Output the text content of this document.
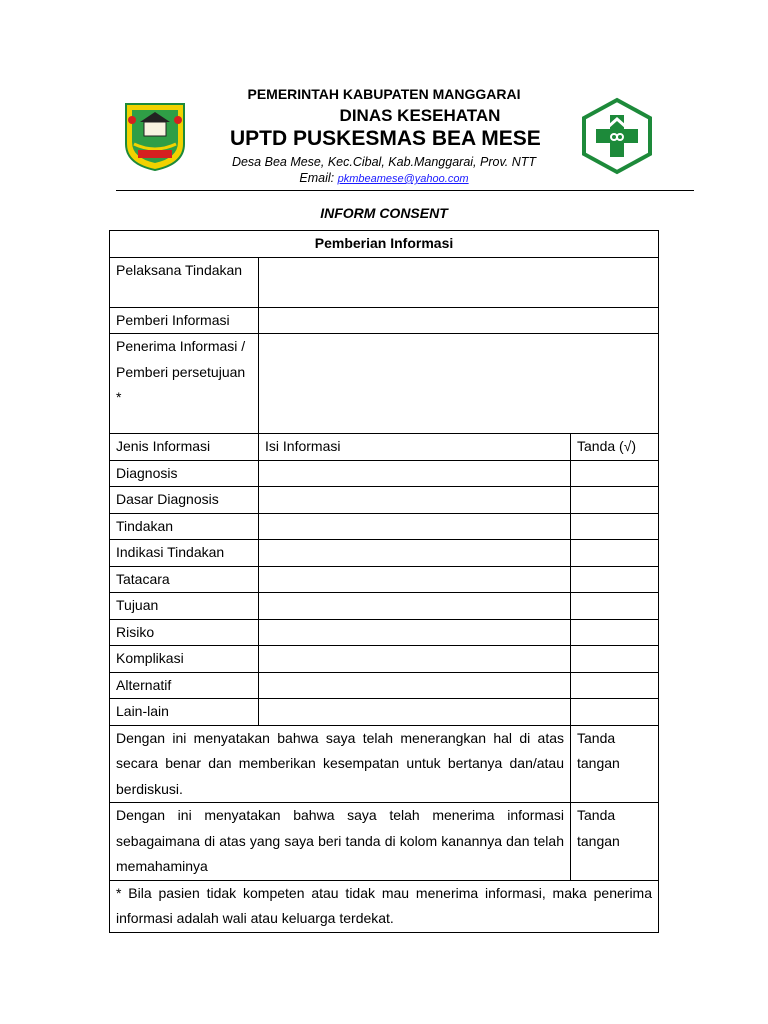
PEMERINTAH KABUPATEN MANGGARAI
DINAS KESEHATAN
UPTD PUSKESMAS BEA MESE
Desa Bea Mese, Kec.Cibal, Kab.Manggarai, Prov. NTT
Email: pkmbeamese@yahoo.com
INFORM CONSENT
Pemberian Informasi		
Pelaksana Tindakan		
Pemberi Informasi		
Penerima Informasi / Pemberi persetujuan *		
Jenis Informasi	Isi Informasi	Tanda (√)
Diagnosis		
Dasar Diagnosis		
Tindakan		
Indikasi Tindakan		
Tatacara		
Tujuan		
Risiko		
Komplikasi		
Alternatif		
Lain-lain		
Dengan ini menyatakan bahwa saya telah menerangkan hal di atas secara benar dan memberikan kesempatan untuk bertanya dan/atau berdiskusi.		Tanda tangan
Dengan ini menyatakan bahwa saya telah menerima informasi sebagaimana di atas yang saya beri tanda di kolom kanannya dan telah memahaminya		Tanda tangan
* Bila pasien tidak kompeten atau tidak mau menerima informasi, maka penerima informasi adalah wali atau keluarga terdekat.		
